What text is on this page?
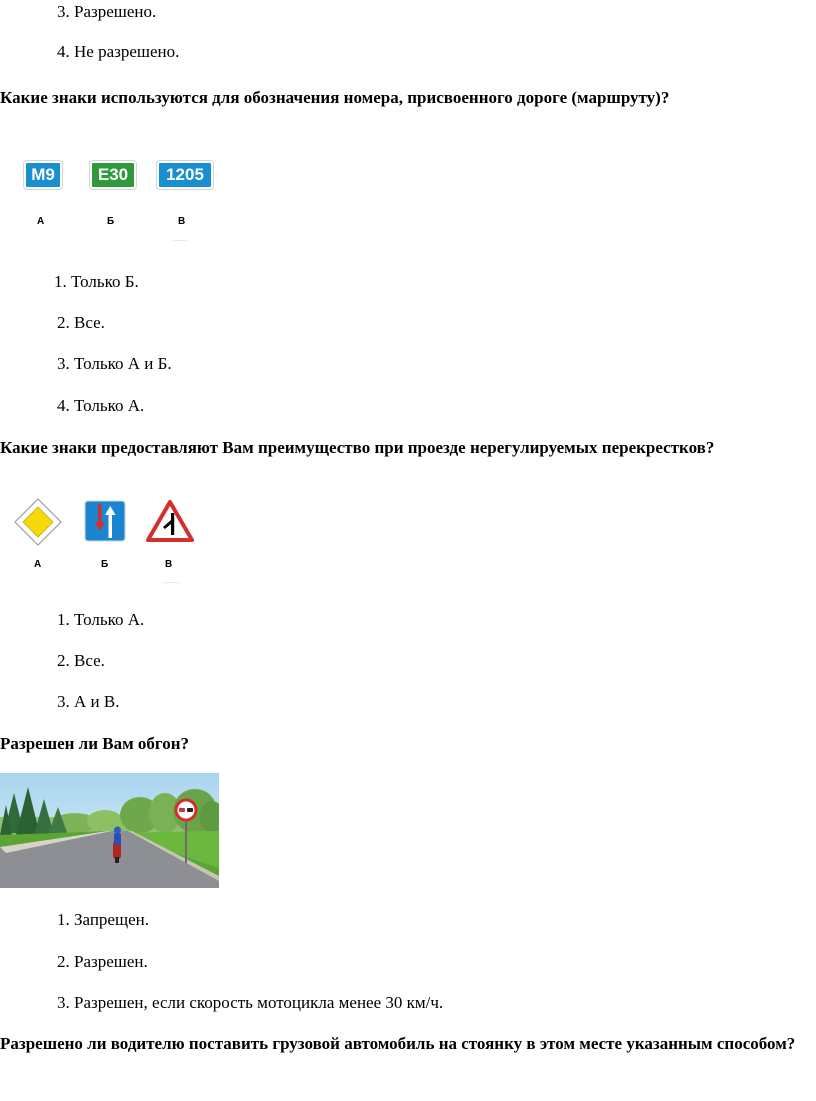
3. Разрешено.
4. Не разрешено.
Какие знаки используются для обозначения номера, присвоенного дороге (маршруту)?
M9	E30	1205
А	Б	В
1. Только Б.
2. Все.
3. Только А и Б.
4. Только А.
Какие знаки предоставляют Вам преимущество при проезде нерегулируемых перекрестков?
А	Б	В
1. Только А.
2. Все.
3. А и В.
Разрешен ли Вам обгон?
1. Запрещен.
2. Разрешен.
3. Разрешен, если скорость мотоцикла менее 30 км/ч.
Разрешено ли водителю поставить грузовой автомобиль на стоянку в этом месте указанным способом?
